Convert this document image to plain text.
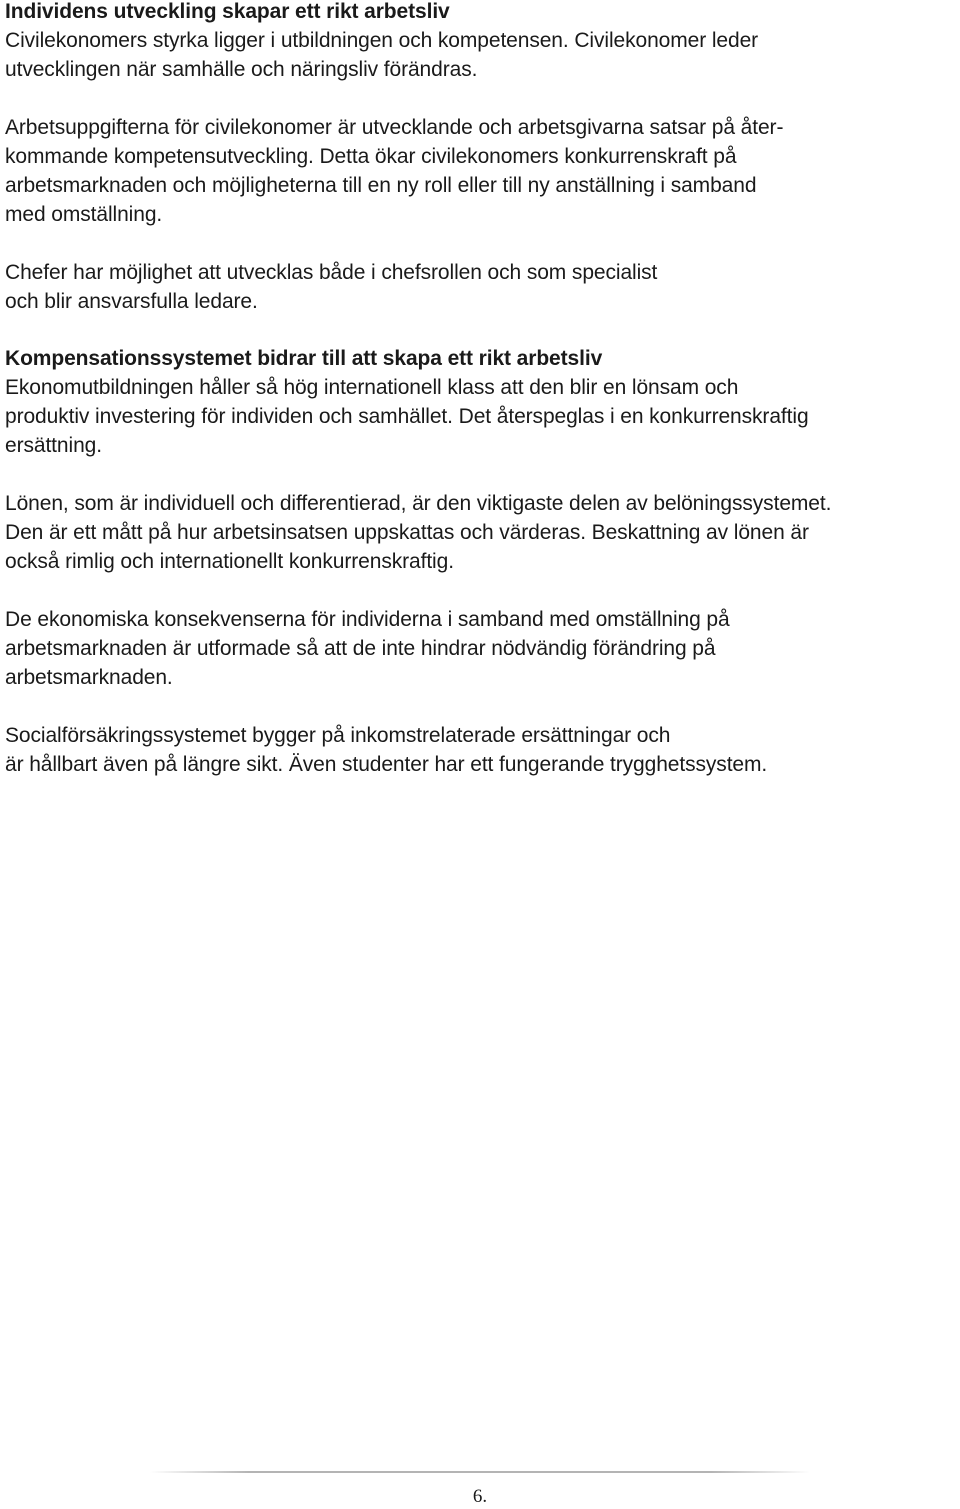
Individens utveckling skapar ett rikt arbetsliv

Civilekonomers styrka ligger i utbildningen och kompetensen. Civilekonomer leder
utvecklingen när samhälle och näringsliv förändras.

Arbetsuppgifterna för civilekonomer är utvecklande och arbetsgivarna satsar på åter-
kommande kompetensutveckling. Detta ökar civilekonomers konkurrenskraft på
arbetsmarknaden och möjligheterna till en ny roll eller till ny anställning i samband
med omställning.

Chefer har möjlighet att utvecklas både i chefsrollen och som specialist
och blir ansvarsfulla ledare.

Kompensationssystemet bidrar till att skapa ett rikt arbetsliv

Ekonomutbildningen håller så hög internationell klass att den blir en lönsam och
produktiv investering för individen och samhället. Det återspeglas i en konkurrenskraftig
ersättning.

Lönen, som är individuell och differentierad, är den viktigaste delen av belöningssystemet.
Den är ett mått på hur arbetsinsatsen uppskattas och värderas. Beskattning av lönen är
också rimlig och internationellt konkurrenskraftig.

De ekonomiska konsekvenserna för individerna i samband med omställning på
arbetsmarknaden är utformade så att de inte hindrar nödvändig förändring på
arbetsmarknaden.

Socialförsäkringssystemet bygger på inkomstrelaterade ersättningar och
är hållbart även på längre sikt. Även studenter har ett fungerande trygghetssystem.

6.
